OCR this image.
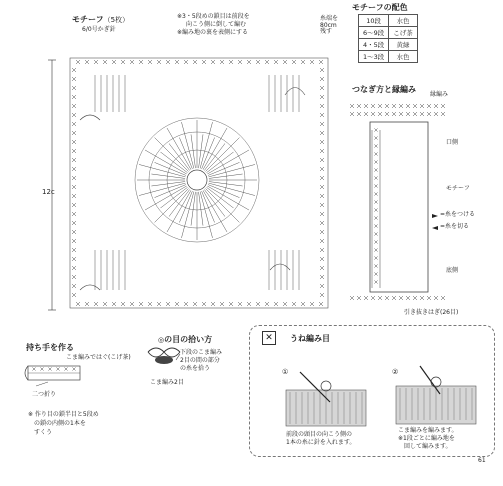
モチーフ（5枚）
6/0号かぎ針
※3・5段めの鎖目は前段を
向こう側に倒して編む
※編み地の裏を表側にする
糸端を
80cm
残す
12c
モチーフの配色
10段	水色
6〜9段	こげ茶
4・5段	黄緑
1〜3段	水色
つなぎ方と縁編み
縁編み
口側
モチーフ
=糸をつける
=糸を切る
底側
引き抜きはぎ(26目)
持ち手を作る
こま編みではぐ(こげ茶)
二つ折り
※ 作り目の鎖半目と5段め
の鎖の内側の1本を
すくう
◎の目の拾い方
下段のこま編み
2目の間の部分
の糸を拾う
こま編み2目
✕	うね編み目
①	②
前段の頭目の向こう側の
1本の糸に針を入れます。
こま編みを編みます。
※1段ごとに編み地を
回して編みます。
61
